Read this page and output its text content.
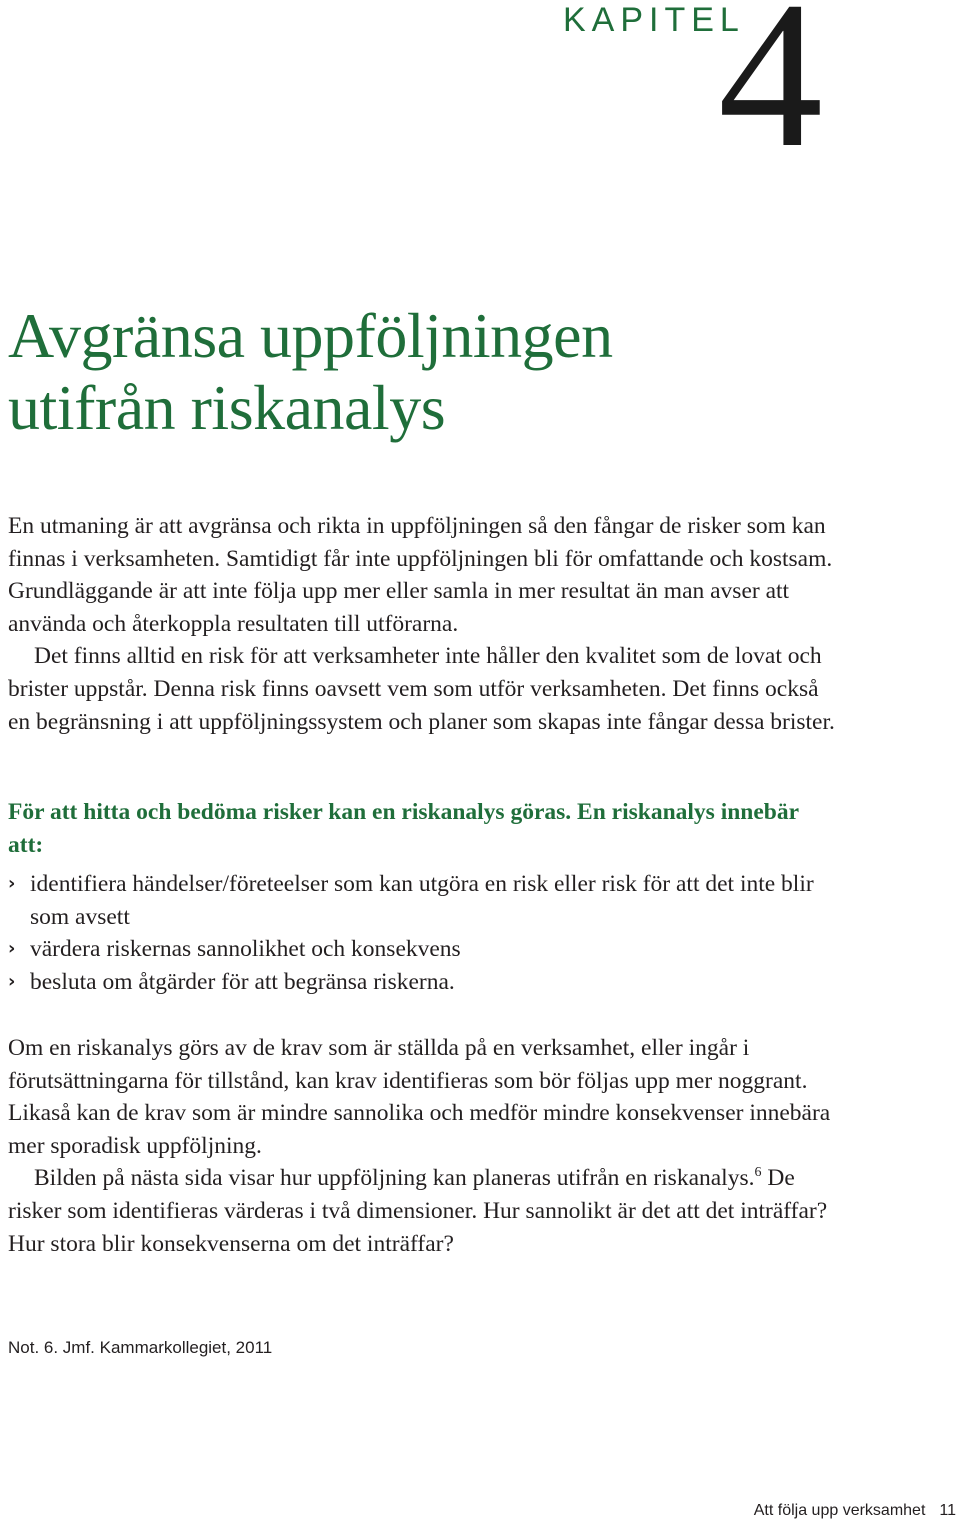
KAPITEL
4
Avgränsa uppföljningen
utifrån riskanalys

En utmaning är att avgränsa och rikta in uppföljningen så den fångar de risker som kan finnas i verksamheten. Samtidigt får inte uppföljningen bli för omfattande och kostsam. Grundläggande är att inte följa upp mer eller samla in mer resultat än man avser att använda och återkoppla resultaten till utförarna.

Det finns alltid en risk för att verksamheter inte håller den kvalitet som de lovat och brister uppstår. Denna risk finns oavsett vem som utför verksamheten. Det finns också en begränsning i att uppföljningssystem och planer som skapas inte fångar dessa brister.

För att hitta och bedöma risker kan en riskanalys göras. En riskanalys innebär att:
› identifiera händelser/företeelser som kan utgöra en risk eller risk för att det inte blir som avsett
› värdera riskernas sannolikhet och konsekvens
› besluta om åtgärder för att begränsa riskerna.

Om en riskanalys görs av de krav som är ställda på en verksamhet, eller ingår i förutsättningarna för tillstånd, kan krav identifieras som bör följas upp mer noggrant. Likaså kan de krav som är mindre sannolika och medför mindre konsekvenser innebära mer sporadisk uppföljning.

Bilden på nästa sida visar hur uppföljning kan planeras utifrån en riskanalys.$^6$ De risker som identifieras värderas i två dimensioner. Hur sannolikt är det att det inträffar? Hur stora blir konsekvenserna om det inträffar?

Not. 6. Jmf. Kammarkollegiet, 2011
Att följa upp verksamhet 11
